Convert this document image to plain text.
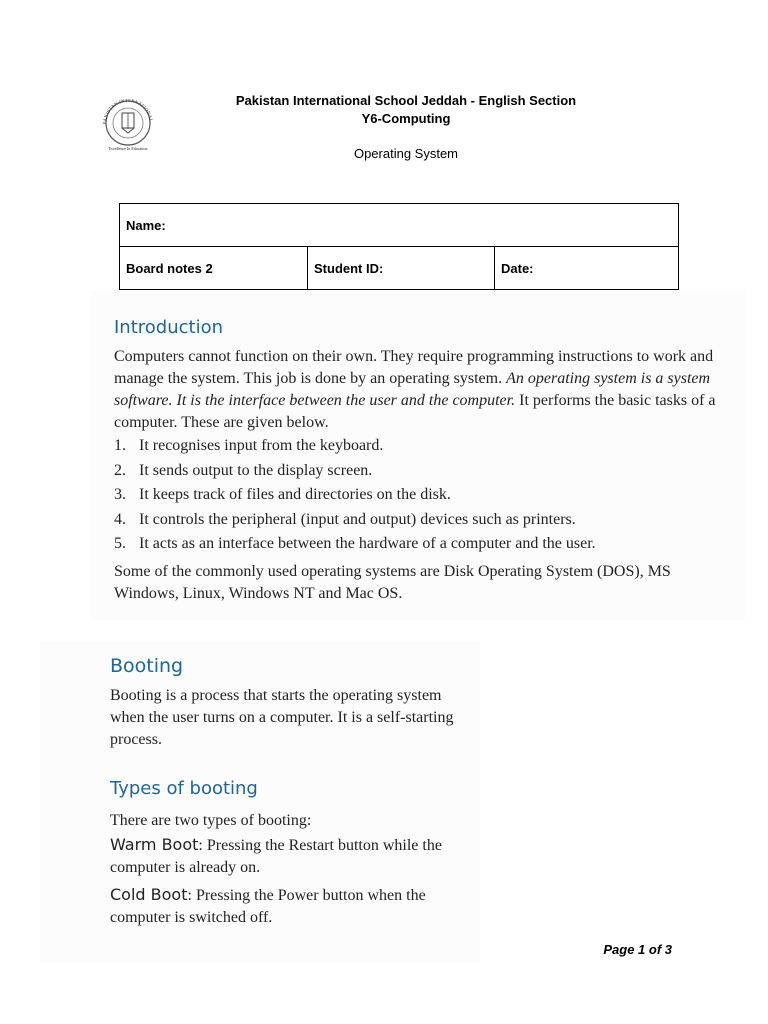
PAKISTAN INTERNATIONAL
Excellence In Education
Pakistan International School Jeddah - English Section
Y6-Computing
Operating System
Name:
Board notes 2	Student ID:	Date:
Introduction
Computers cannot function on their own. They require programming instructions to work and manage the system. This job is done by an operating system. An operating system is a system software. It is the interface between the user and the computer. It performs the basic tasks of a computer. These are given below.
1. It recognises input from the keyboard.
2. It sends output to the display screen.
3. It keeps track of files and directories on the disk.
4. It controls the peripheral (input and output) devices such as printers.
5. It acts as an interface between the hardware of a computer and the user.
Some of the commonly used operating systems are Disk Operating System (DOS), MS Windows, Linux, Windows NT and Mac OS.
Booting
Booting is a process that starts the operating system when the user turns on a computer. It is a self-starting process.
Types of booting
There are two types of booting:
Warm Boot: Pressing the Restart button while the computer is already on.
Cold Boot: Pressing the Power button when the computer is switched off.
Page 1 of 3
